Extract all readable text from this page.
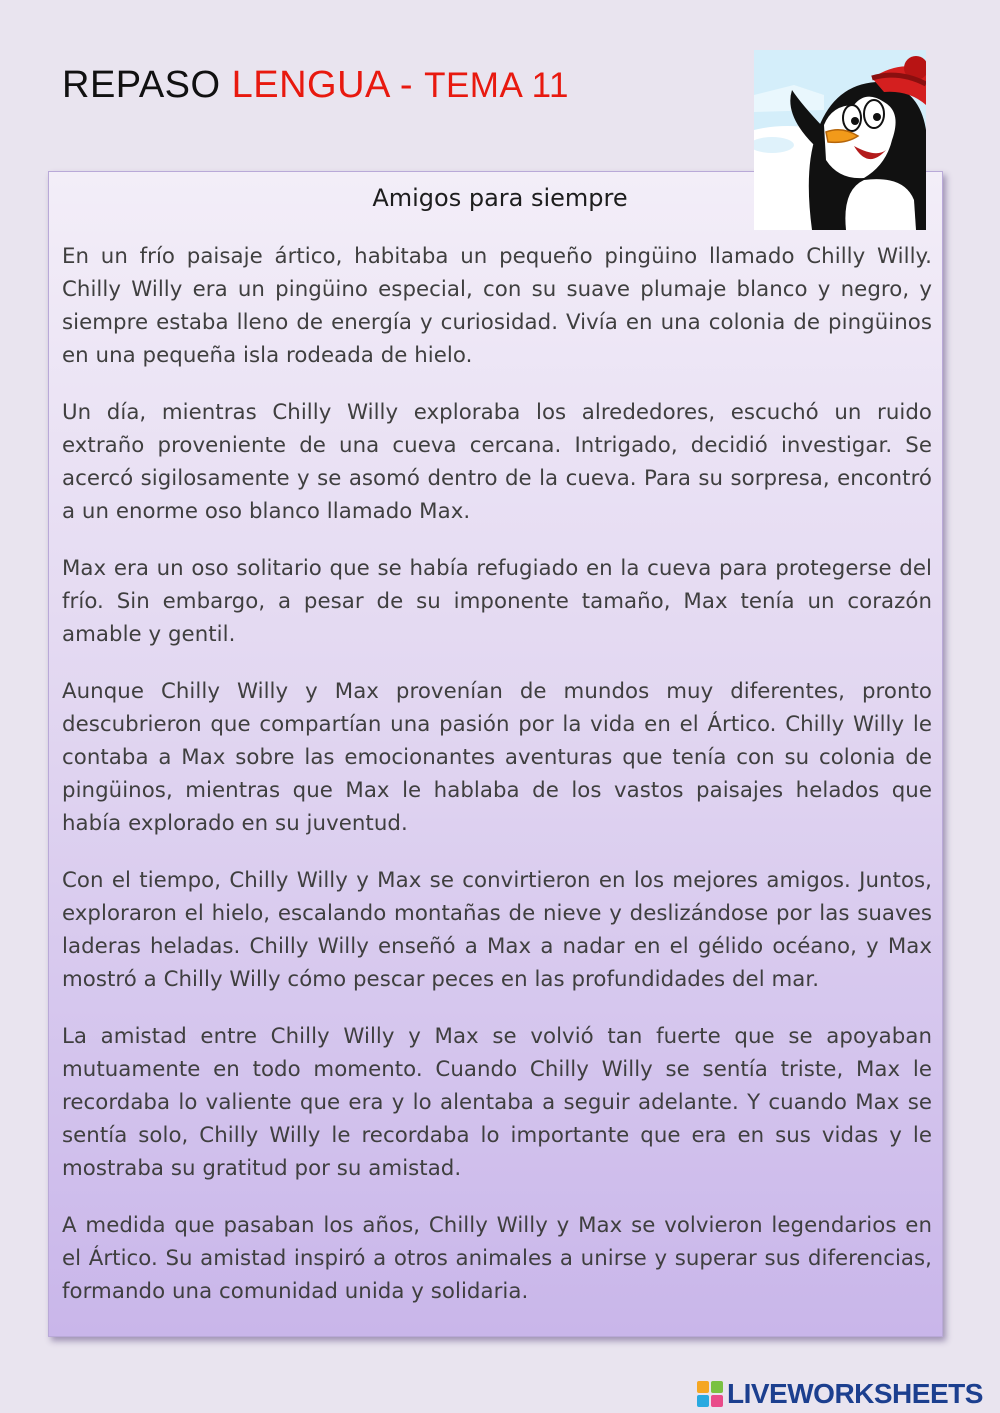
REPASO LENGUA - TEMA 11
Amigos para siempre

En un frío paisaje ártico, habitaba un pequeño pingüino llamado Chilly Willy. Chilly Willy era un pingüino especial, con su suave plumaje blanco y negro, y siempre estaba lleno de energía y curiosidad. Vivía en una colonia de pingüinos en una pequeña isla rodeada de hielo.

Un día, mientras Chilly Willy exploraba los alrededores, escuchó un ruido extraño proveniente de una cueva cercana. Intrigado, decidió investigar. Se acercó sigilosamente y se asomó dentro de la cueva. Para su sorpresa, encontró a un enorme oso blanco llamado Max.

Max era un oso solitario que se había refugiado en la cueva para protegerse del frío. Sin embargo, a pesar de su imponente tamaño, Max tenía un corazón amable y gentil.

Aunque Chilly Willy y Max provenían de mundos muy diferentes, pronto descubrieron que compartían una pasión por la vida en el Ártico. Chilly Willy le contaba a Max sobre las emocionantes aventuras que tenía con su colonia de pingüinos, mientras que Max le hablaba de los vastos paisajes helados que había explorado en su juventud.

Con el tiempo, Chilly Willy y Max se convirtieron en los mejores amigos. Juntos, exploraron el hielo, escalando montañas de nieve y deslizándose por las suaves laderas heladas. Chilly Willy enseñó a Max a nadar en el gélido océano, y Max mostró a Chilly Willy cómo pescar peces en las profundidades del mar.

La amistad entre Chilly Willy y Max se volvió tan fuerte que se apoyaban mutuamente en todo momento. Cuando Chilly Willy se sentía triste, Max le recordaba lo valiente que era y lo alentaba a seguir adelante. Y cuando Max se sentía solo, Chilly Willy le recordaba lo importante que era en sus vidas y le mostraba su gratitud por su amistad.

A medida que pasaban los años, Chilly Willy y Max se volvieron legendarios en el Ártico. Su amistad inspiró a otros animales a unirse y superar sus diferencias, formando una comunidad unida y solidaria.

LIVEWORKSHEETS
